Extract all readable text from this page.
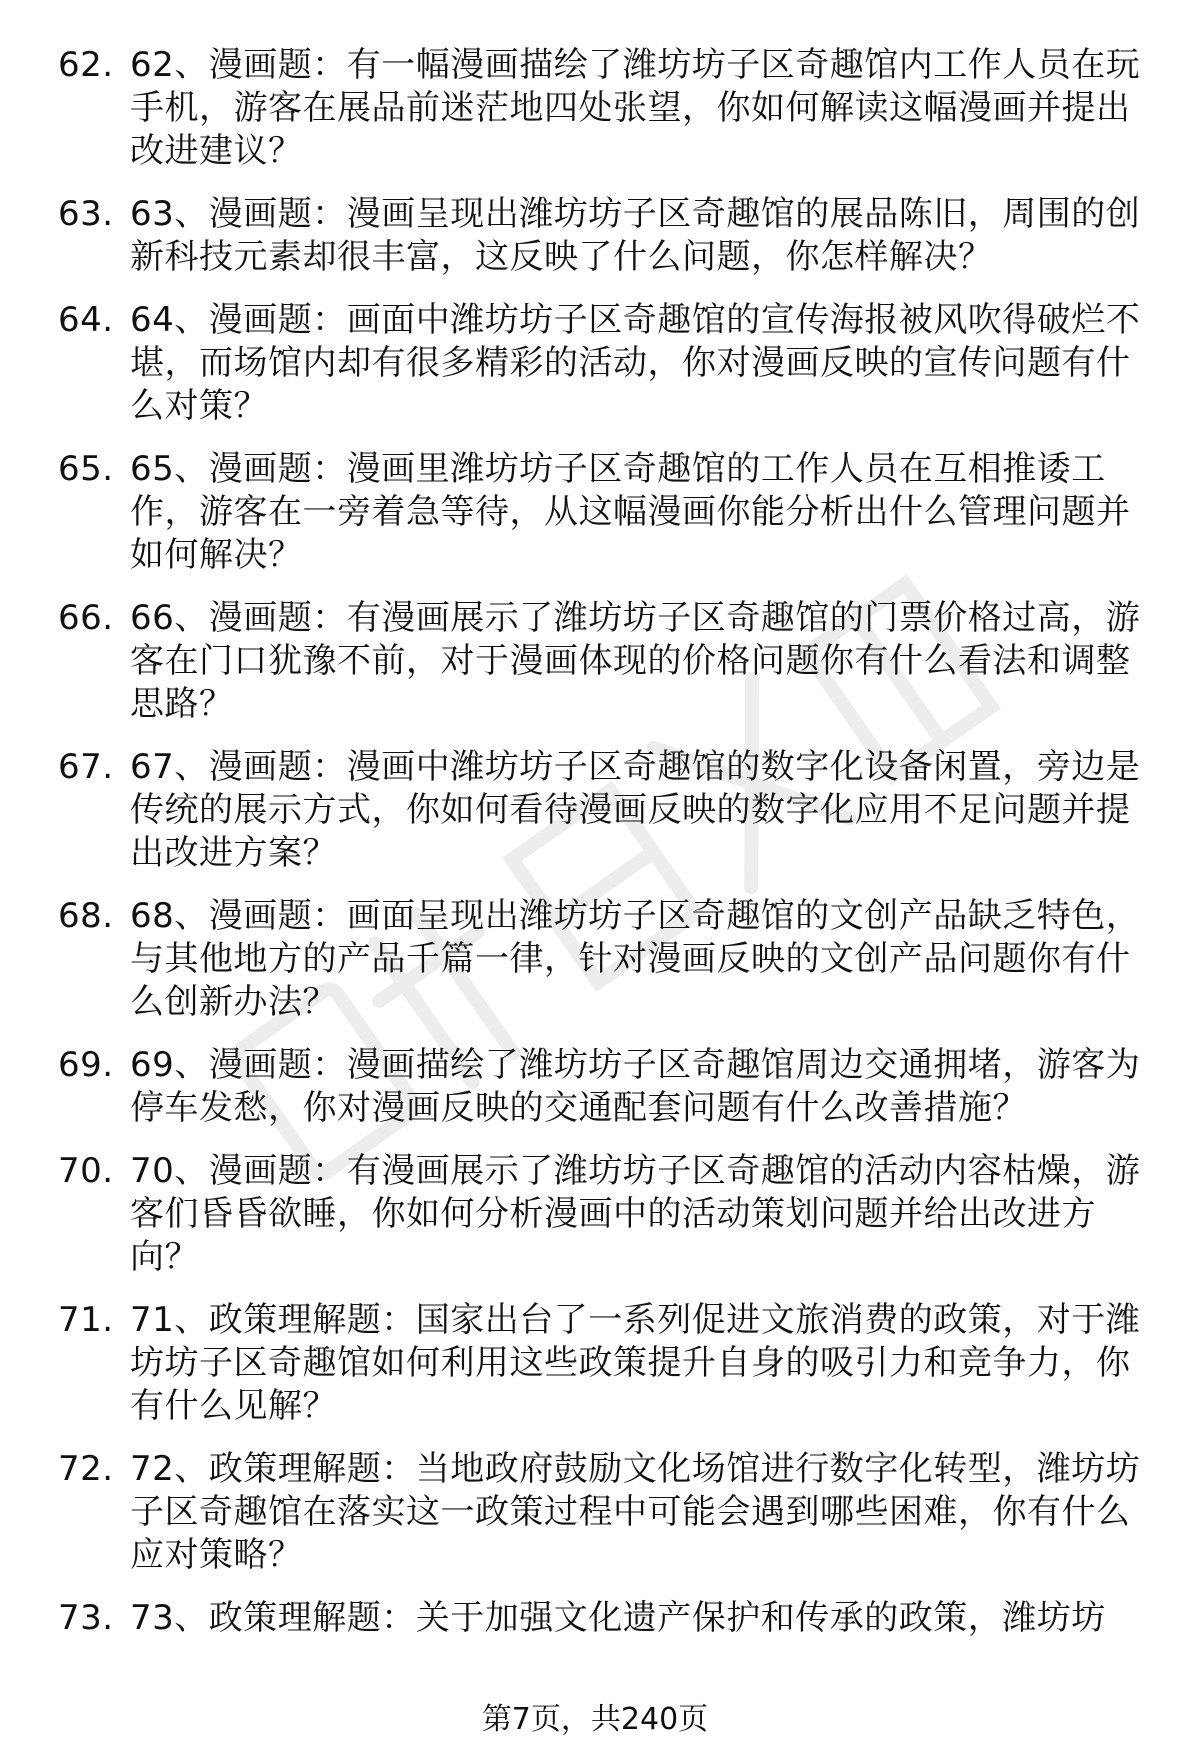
62. 62、漫画题：有一幅漫画描绘了潍坊坊子区奇趣馆内工作人员在玩手机，游客在展品前迷茫地四处张望，你如何解读这幅漫画并提出改进建议？
63. 63、漫画题：漫画呈现出潍坊坊子区奇趣馆的展品陈旧，周围的创新科技元素却很丰富，这反映了什么问题，你怎样解决？
64. 64、漫画题：画面中潍坊坊子区奇趣馆的宣传海报被风吹得破烂不堪，而场馆内却有很多精彩的活动，你对漫画反映的宣传问题有什么对策？
65. 65、漫画题：漫画里潍坊坊子区奇趣馆的工作人员在互相推诿工作，游客在一旁着急等待，从这幅漫画你能分析出什么管理问题并如何解决？
66. 66、漫画题：有漫画展示了潍坊坊子区奇趣馆的门票价格过高，游客在门口犹豫不前，对于漫画体现的价格问题你有什么看法和调整思路？
67. 67、漫画题：漫画中潍坊坊子区奇趣馆的数字化设备闲置，旁边是传统的展示方式，你如何看待漫画反映的数字化应用不足问题并提出改进方案？
68. 68、漫画题：画面呈现出潍坊坊子区奇趣馆的文创产品缺乏特色，与其他地方的产品千篇一律，针对漫画反映的文创产品问题你有什么创新办法？
69. 69、漫画题：漫画描绘了潍坊坊子区奇趣馆周边交通拥堵，游客为停车发愁，你对漫画反映的交通配套问题有什么改善措施？
70. 70、漫画题：有漫画展示了潍坊坊子区奇趣馆的活动内容枯燥，游客们昏昏欲睡，你如何分析漫画中的活动策划问题并给出改进方向？
71. 71、政策理解题：国家出台了一系列促进文旅消费的政策，对于潍坊坊子区奇趣馆如何利用这些政策提升自身的吸引力和竞争力，你有什么见解？
72. 72、政策理解题：当地政府鼓励文化场馆进行数字化转型，潍坊坊子区奇趣馆在落实这一政策过程中可能会遇到哪些困难，你有什么应对策略？
73. 73、政策理解题：关于加强文化遗产保护和传承的政策，潍坊坊
第7页，共240页
